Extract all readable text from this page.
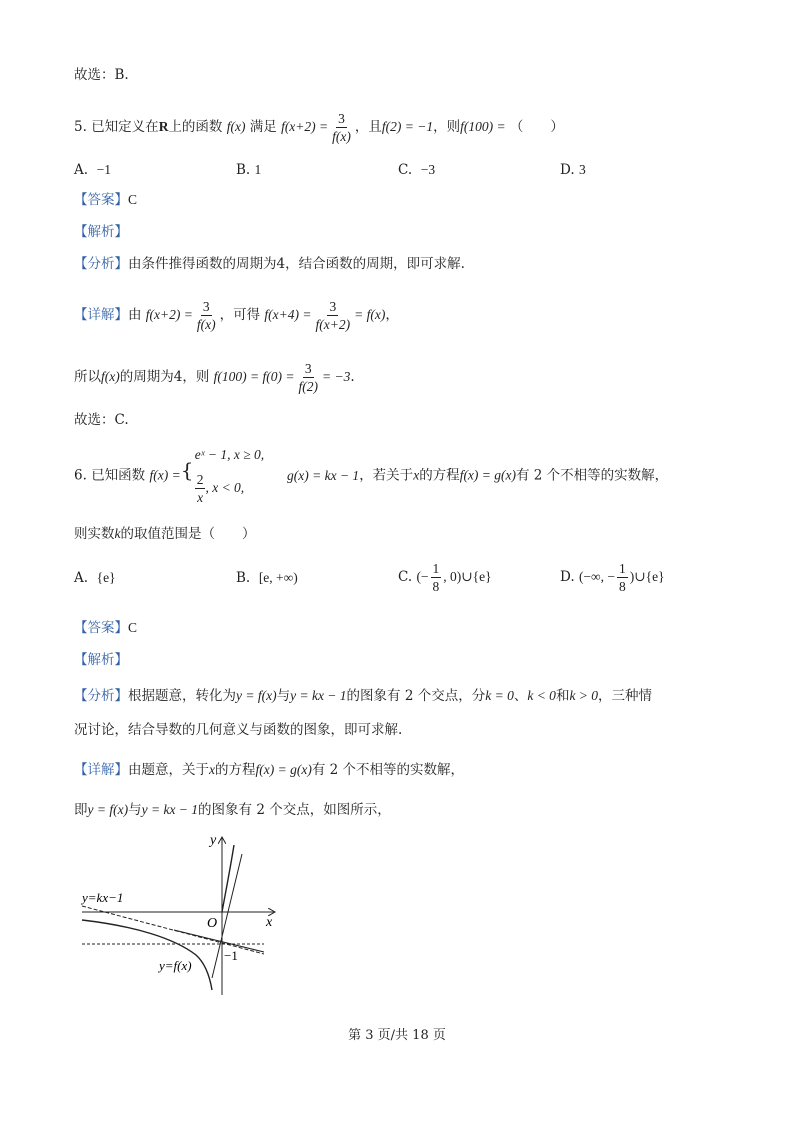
故选：B.
5. 已知定义在R上的函数 f(x) 满足 $f(x+2) = \frac{3}{f(x)}$ ，且f(2) = −1，则f(100) = （　　）
A. −1	B. 1	C. −3	D. 3
【答案】C
【解析】
【分析】由条件推得函数的周期为4，结合函数的周期，即可求解.
【详解】由 $f(x+2) = \frac{3}{f(x)}$ ，可得 $f(x+4) = \frac{3}{f(x+2)} = f(x)$，
所以f(x)的周期为4，则 $f(100) = f(0) = \frac{3}{f(2)} = -3$.
故选：C.
6. 已知函数 f(x) = {
eˣ − 1, x ≥ 0,
$\frac{2}{x}$ , x < 0,
g(x) = kx − 1，若关于x的方程f(x) = g(x)有 2 个不相等的实数解，
则实数k的取值范围是（　　）
A. {e}	B. [e, +∞)	C. (− $\frac{1}{8}$ , 0)∪{e}	D. (−∞, − $\frac{1}{8}$ )∪{e}
【答案】C
【解析】
【分析】根据题意，转化为y = f(x)与y = kx − 1的图象有 2 个交点，分k = 0、k < 0和k > 0，三种情
况讨论，结合导数的几何意义与函数的图象，即可求解.
【详解】由题意，关于x的方程f(x) = g(x)有 2 个不相等的实数解，
即y = f(x)与y = kx − 1的图象有 2 个交点，如图所示，
y
x
O
y=kx−1
y=f(x)
−1
第 3 页/共 18 页
